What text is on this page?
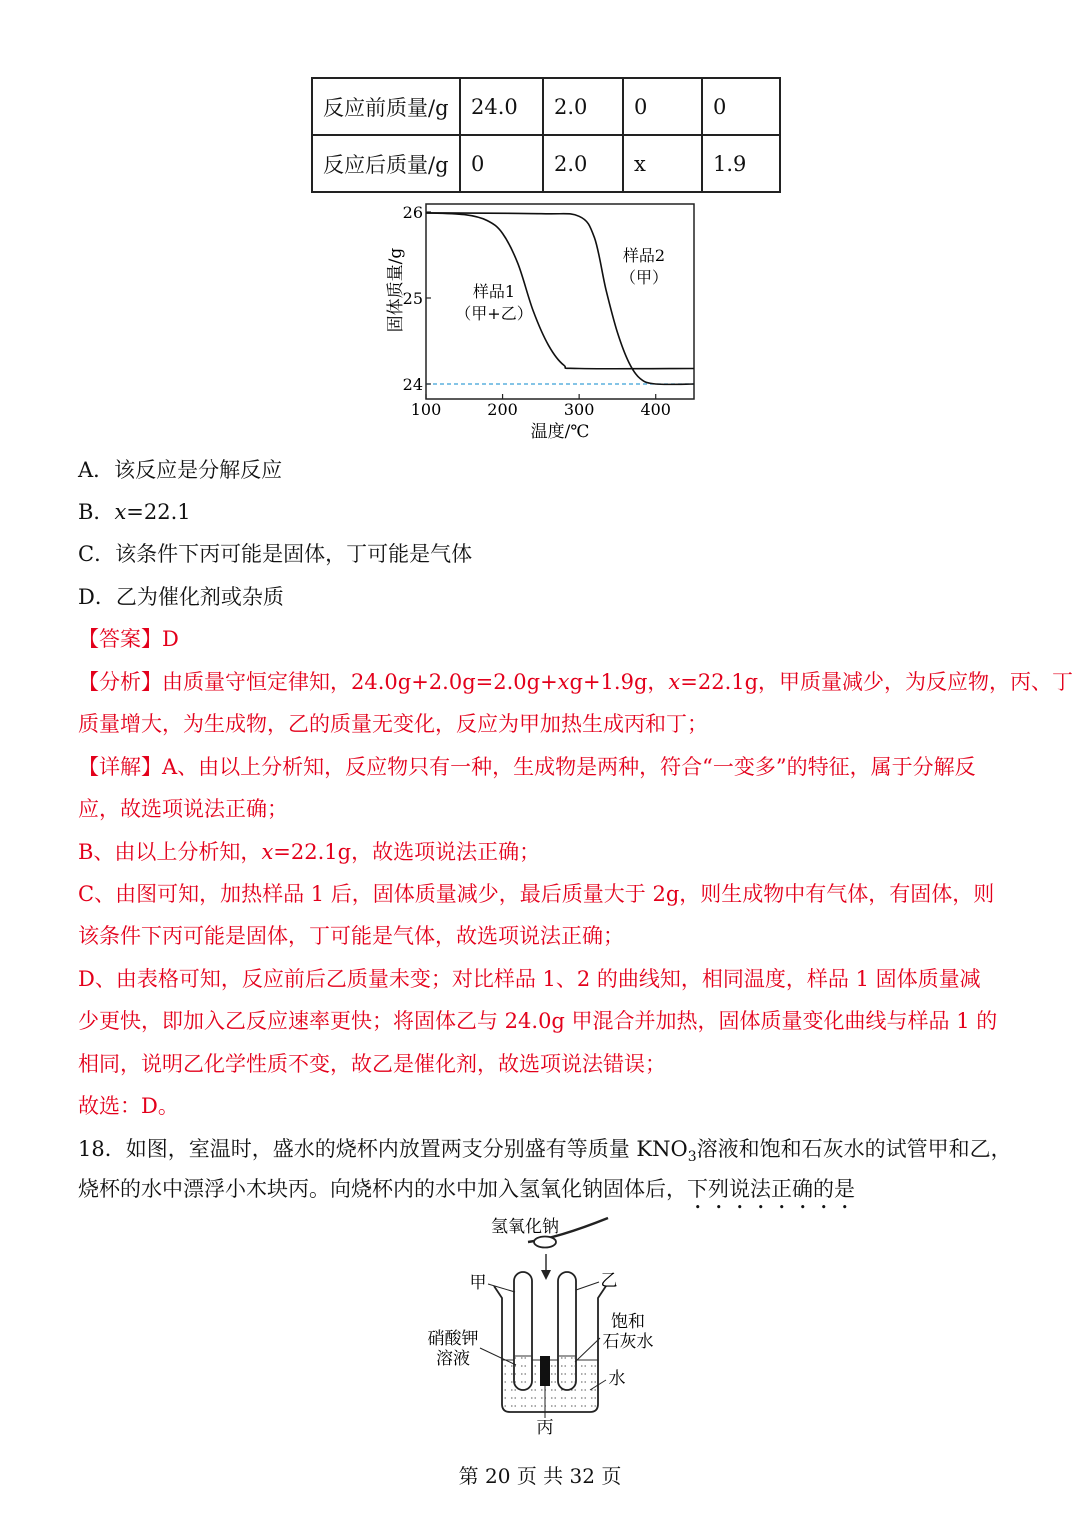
反应前质量/g	24.0	2.0	0	0
反应后质量/g	0	2.0	x	1.9
24
25
26
100	200	300	400
样品1
（甲+乙）
样品2
（甲）
温度/℃
固体质量/g
A．该反应是分解反应
B．x=22.1
C．该条件下丙可能是固体，丁可能是气体
D．乙为催化剂或杂质
【答案】D
【分析】由质量守恒定律知，24.0g+2.0g=2.0g+xg+1.9g，x=22.1g，甲质量减少，为反应物，丙、丁
质量增大，为生成物，乙的质量无变化，反应为甲加热生成丙和丁；
【详解】A、由以上分析知，反应物只有一种，生成物是两种，符合“一变多”的特征，属于分解反
应，故选项说法正确；
B、由以上分析知，x=22.1g，故选项说法正确；
C、由图可知，加热样品 1 后，固体质量减少，最后质量大于 2g，则生成物中有气体，有固体，则
该条件下丙可能是固体，丁可能是气体，故选项说法正确；
D、由表格可知，反应前后乙质量未变；对比样品 1、2 的曲线知，相同温度，样品 1 固体质量减
少更快，即加入乙反应速率更快；将固体乙与 24.0g 甲混合并加热，固体质量变化曲线与样品 1 的
相同，说明乙化学性质不变，故乙是催化剂，故选项说法错误；
故选：D。
18．如图，室温时，盛水的烧杯内放置两支分别盛有等质量 $KNO_3$溶液和饱和石灰水的试管甲和乙，
烧杯的水中漂浮小木块丙。向烧杯内的水中加入氢氧化钠固体后，下列说法正确的是
氢氧化钠
丙
甲	乙
硝酸钾
溶液
饱和
石灰水
水
第 20 页 共 32 页
